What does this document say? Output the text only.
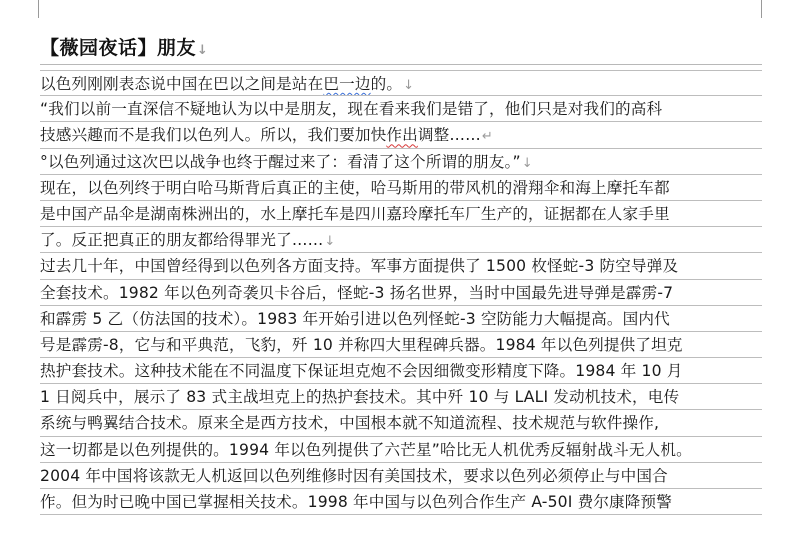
【薇园夜话】朋友↓
以色列刚刚表态说中国在巴以之间是站在巴一边的。↓
“我们以前一直深信不疑地认为以中是朋友，现在看来我们是错了，他们只是对我们的高科
技感兴趣而不是我们以色列人。所以，我们要加快作出调整……↵
°以色列通过这次巴以战争也终于醒过来了：看清了这个所谓的朋友。”↓
现在，以色列终于明白哈马斯背后真正的主使，哈马斯用的带风机的滑翔伞和海上摩托车都
是中国产品伞是湖南株洲出的，水上摩托车是四川嘉玲摩托车厂生产的，证据都在人家手里
了。反正把真正的朋友都给得罪光了……↓
过去几十年，中国曾经得到以色列各方面支持。军事方面提供了 1500 枚怪蛇-3 防空导弹及
全套技术。1982 年以色列奇袭贝卡谷后，怪蛇-3 扬名世界，当时中国最先进导弹是霹雳-7
和霹雳 5 乙（仿法国的技术）。1983 年开始引进以色列怪蛇-3 空防能力大幅提高。国内代
号是霹雳-8，它与和平典范，飞豹，歼 10 并称四大里程碑兵器。1984 年以色列提供了坦克
热护套技术。这种技术能在不同温度下保证坦克炮不会因细微变形精度下降。1984 年 10 月
1 日阅兵中，展示了 83 式主战坦克上的热护套技术。其中歼 10 与 LALI 发动机技术，电传
系统与鸭翼结合技术。原来全是西方技术，中国根本就不知道流程、技术规范与软件操作,
这一切都是以色列提供的。1994 年以色列提供了六芒星”哈比无人机优秀反辐射战斗无人机。
2004 年中国将该款无人机返回以色列维修时因有美国技术，要求以色列必须停止与中国合
作。但为时已晚中国已掌握相关技术。1998 年中国与以色列合作生产 A-50I 费尔康降预警
